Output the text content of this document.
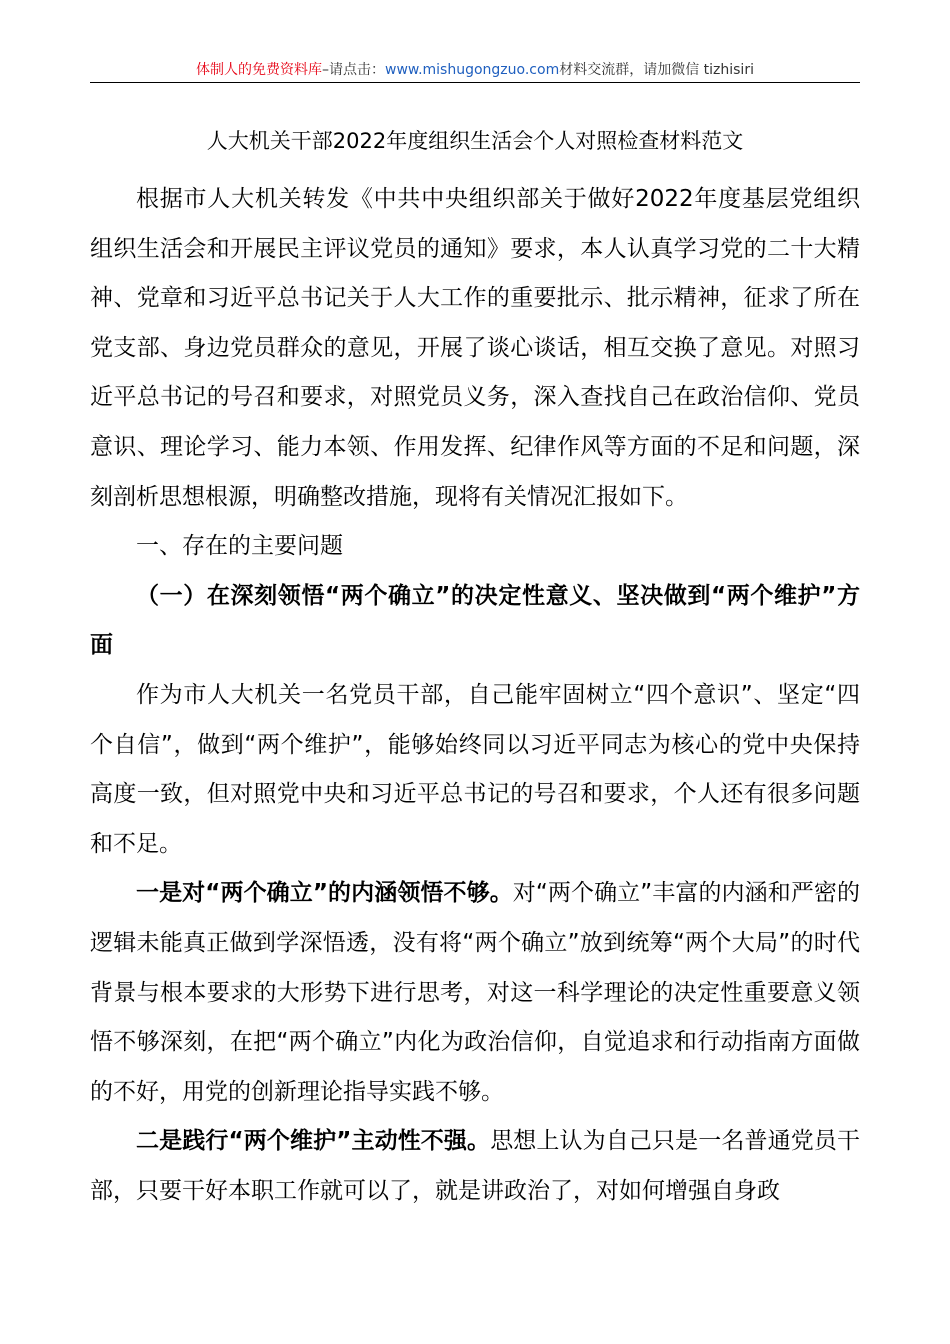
体制人的免费资料库–请点击：www.mishugongzuo.com材料交流群，请加微信 tizhisiri
人大机关干部2022年度组织生活会个人对照检查材料范文

根据市人大机关转发《中共中央组织部关于做好2022年度基层党组织组织生活会和开展民主评议党员的通知》要求，本人认真学习党的二十大精神、党章和习近平总书记关于人大工作的重要批示、批示精神，征求了所在党支部、身边党员群众的意见，开展了谈心谈话，相互交换了意见。对照习近平总书记的号召和要求，对照党员义务，深入查找自己在政治信仰、党员意识、理论学习、能力本领、作用发挥、纪律作风等方面的不足和问题，深刻剖析思想根源，明确整改措施，现将有关情况汇报如下。

一、存在的主要问题

（一）在深刻领悟“两个确立”的决定性意义、坚决做到“两个维护”方面

作为市人大机关一名党员干部，自己能牢固树立“四个意识”、坚定“四个自信”，做到“两个维护”，能够始终同以习近平同志为核心的党中央保持高度一致，但对照党中央和习近平总书记的号召和要求，个人还有很多问题和不足。

一是对“两个确立”的内涵领悟不够。对“两个确立”丰富的内涵和严密的逻辑未能真正做到学深悟透，没有将“两个确立”放到统筹“两个大局”的时代背景与根本要求的大形势下进行思考，对这一科学理论的决定性重要意义领悟不够深刻，在把“两个确立”内化为政治信仰，自觉追求和行动指南方面做的不好，用党的创新理论指导实践不够。

二是践行“两个维护”主动性不强。思想上认为自己只是一名普通党员干部，只要干好本职工作就可以了，就是讲政治了，对如何增强自身政
